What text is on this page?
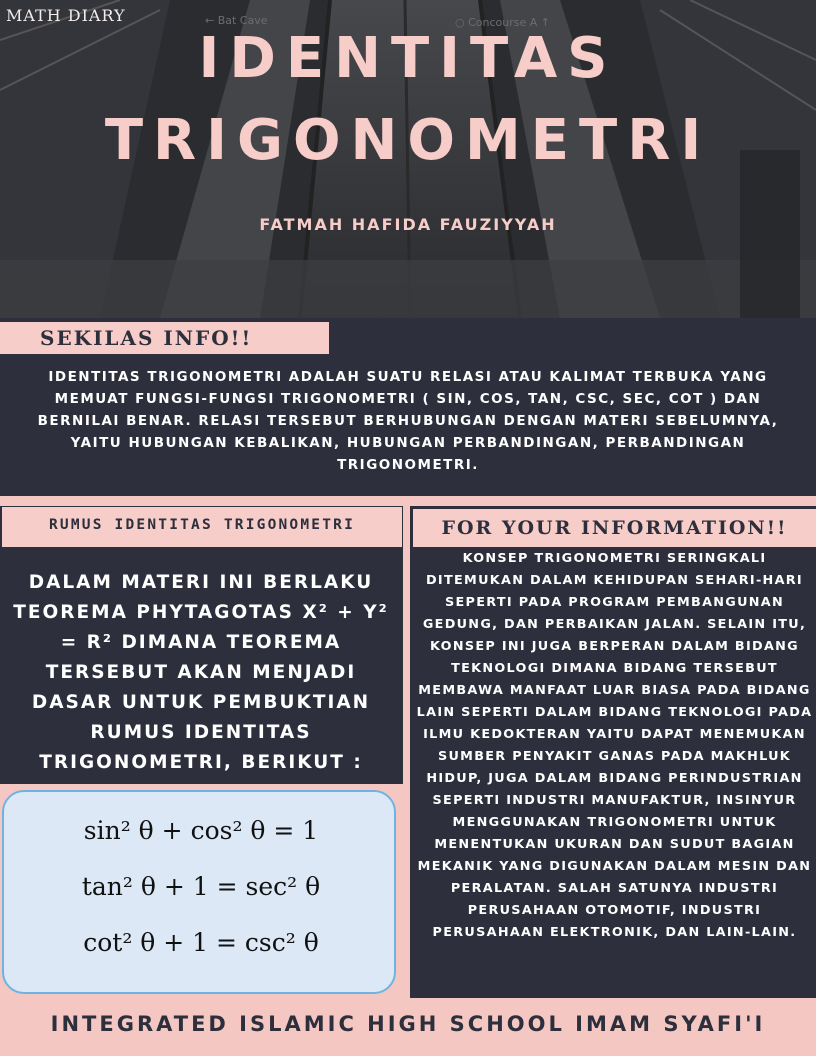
← Bat Cave	○ Concourse A ↑
MATH DIARY
IDENTITAS
TRIGONOMETRI
FATMAH HAFIDA FAUZIYYAH
SEKILAS INFO!!
IDENTITAS TRIGONOMETRI ADALAH SUATU RELASI ATAU KALIMAT TERBUKA YANG MEMUAT FUNGSI-FUNGSI TRIGONOMETRI ( SIN, COS, TAN, CSC, SEC, COT ) DAN BERNILAI BENAR. RELASI TERSEBUT BERHUBUNGAN DENGAN MATERI SEBELUMNYA, YAITU HUBUNGAN KEBALIKAN, HUBUNGAN PERBANDINGAN, PERBANDINGAN TRIGONOMETRI.
RUMUS IDENTITAS TRIGONOMETRI
DALAM MATERI INI BERLAKU TEOREMA PHYTAGOTAS X² + Y² = R² DIMANA TEOREMA TERSEBUT AKAN MENJADI DASAR UNTUK PEMBUKTIAN RUMUS IDENTITAS TRIGONOMETRI, BERIKUT :
sin² θ + cos² θ = 1
tan² θ + 1 = sec² θ
cot² θ + 1 = csc² θ
FOR YOUR INFORMATION!!
KONSEP TRIGONOMETRI SERINGKALI DITEMUKAN DALAM KEHIDUPAN SEHARI-HARI SEPERTI PADA PROGRAM PEMBANGUNAN GEDUNG, DAN PERBAIKAN JALAN. SELAIN ITU, KONSEP INI JUGA BERPERAN DALAM BIDANG TEKNOLOGI DIMANA BIDANG TERSEBUT MEMBAWA MANFAAT LUAR BIASA PADA BIDANG LAIN SEPERTI DALAM BIDANG TEKNOLOGI PADA ILMU KEDOKTERAN YAITU DAPAT MENEMUKAN SUMBER PENYAKIT GANAS PADA MAKHLUK HIDUP, JUGA DALAM BIDANG PERINDUSTRIAN SEPERTI INDUSTRI MANUFAKTUR, INSINYUR MENGGUNAKAN TRIGONOMETRI UNTUK MENENTUKAN UKURAN DAN SUDUT BAGIAN MEKANIK YANG DIGUNAKAN DALAM MESIN DAN PERALATAN. SALAH SATUNYA INDUSTRI PERUSAHAAN OTOMOTIF, INDUSTRI PERUSAHAAN ELEKTRONIK, DAN LAIN-LAIN.
INTEGRATED ISLAMIC HIGH SCHOOL IMAM SYAFI'I
